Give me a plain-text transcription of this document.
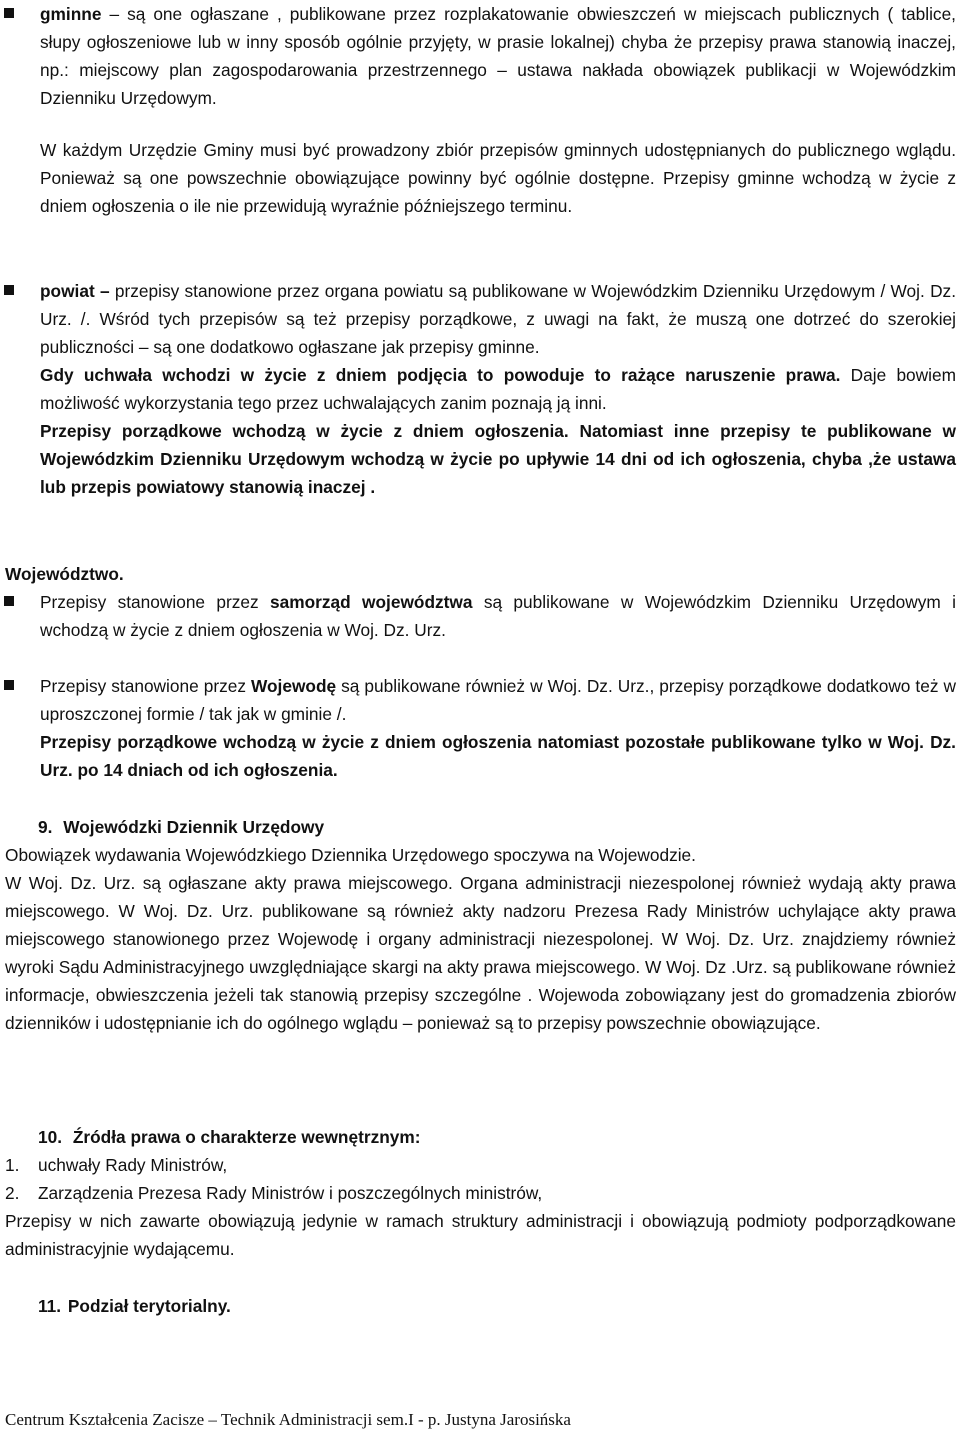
gminne – są one ogłaszane , publikowane przez rozplakatowanie obwieszczeń w miejscach publicznych ( tablice, słupy ogłoszeniowe lub w inny sposób ogólnie przyjęty, w prasie lokalnej) chyba że przepisy prawa stanowią inaczej, np.: miejscowy plan zagospodarowania przestrzennego – ustawa nakłada obowiązek publikacji w Wojewódzkim Dzienniku Urzędowym.

W każdym Urzędzie Gminy musi być prowadzony zbiór przepisów gminnych udostępnianych do publicznego wglądu. Ponieważ są one powszechnie obowiązujące powinny być ogólnie dostępne. Przepisy gminne wchodzą w życie z dniem ogłoszenia o ile nie przewidują wyraźnie późniejszego terminu.

powiat – przepisy stanowione przez organa powiatu są publikowane w Wojewódzkim Dzienniku Urzędowym / Woj. Dz. Urz. /. Wśród tych przepisów są też przepisy porządkowe, z uwagi na fakt, że muszą one dotrzeć do szerokiej publiczności – są one dodatkowo ogłaszane jak przepisy gminne.
Gdy uchwała wchodzi w życie z dniem podjęcia to powoduje to rażące naruszenie prawa. Daje bowiem możliwość wykorzystania tego przez uchwalających zanim poznają ją inni.
Przepisy porządkowe wchodzą w życie z dniem ogłoszenia. Natomiast inne przepisy te publikowane w Wojewódzkim Dzienniku Urzędowym wchodzą w życie po upływie 14 dni od ich ogłoszenia, chyba ,że ustawa lub przepis powiatowy stanowią inaczej .

Województwo.

Przepisy stanowione przez samorząd województwa są publikowane w Wojewódzkim Dzienniku Urzędowym i wchodzą w życie z dniem ogłoszenia w Woj. Dz. Urz.

Przepisy stanowione przez Wojewodę są publikowane również w Woj. Dz. Urz., przepisy porządkowe dodatkowo też w uproszczonej formie / tak jak w gminie /.
Przepisy porządkowe wchodzą w życie z dniem ogłoszenia natomiast pozostałe publikowane tylko w Woj. Dz. Urz. po 14 dniach od ich ogłoszenia.

9. Wojewódzki Dziennik Urzędowy

Obowiązek wydawania Wojewódzkiego Dziennika Urzędowego spoczywa na Wojewodzie.
W Woj. Dz. Urz. są ogłaszane akty prawa miejscowego. Organa administracji niezespolonej również wydają akty prawa miejscowego. W Woj. Dz. Urz. publikowane są również akty nadzoru Prezesa Rady Ministrów uchylające akty prawa miejscowego stanowionego przez Wojewodę i organy administracji niezespolonej. W Woj. Dz. Urz. znajdziemy również wyroki Sądu Administracyjnego uwzględniające skargi na akty prawa miejscowego. W Woj. Dz .Urz. są publikowane również informacje, obwieszczenia jeżeli tak stanowią przepisy szczególne . Wojewoda zobowiązany jest do gromadzenia zbiorów dzienników i udostępnianie ich do ogólnego wglądu – ponieważ są to przepisy powszechnie obowiązujące.

10. Źródła prawa o charakterze wewnętrznym:
1. uchwały Rady Ministrów,
2. Zarządzenia Prezesa Rady Ministrów i poszczególnych ministrów,

Przepisy w nich zawarte obowiązują jedynie w ramach struktury administracji i obowiązują podmioty podporządkowane administracyjnie wydającemu.

11. Podział terytorialny.
Centrum Kształcenia Zacisze – Technik Administracji sem.I - p. Justyna Jarosińska
